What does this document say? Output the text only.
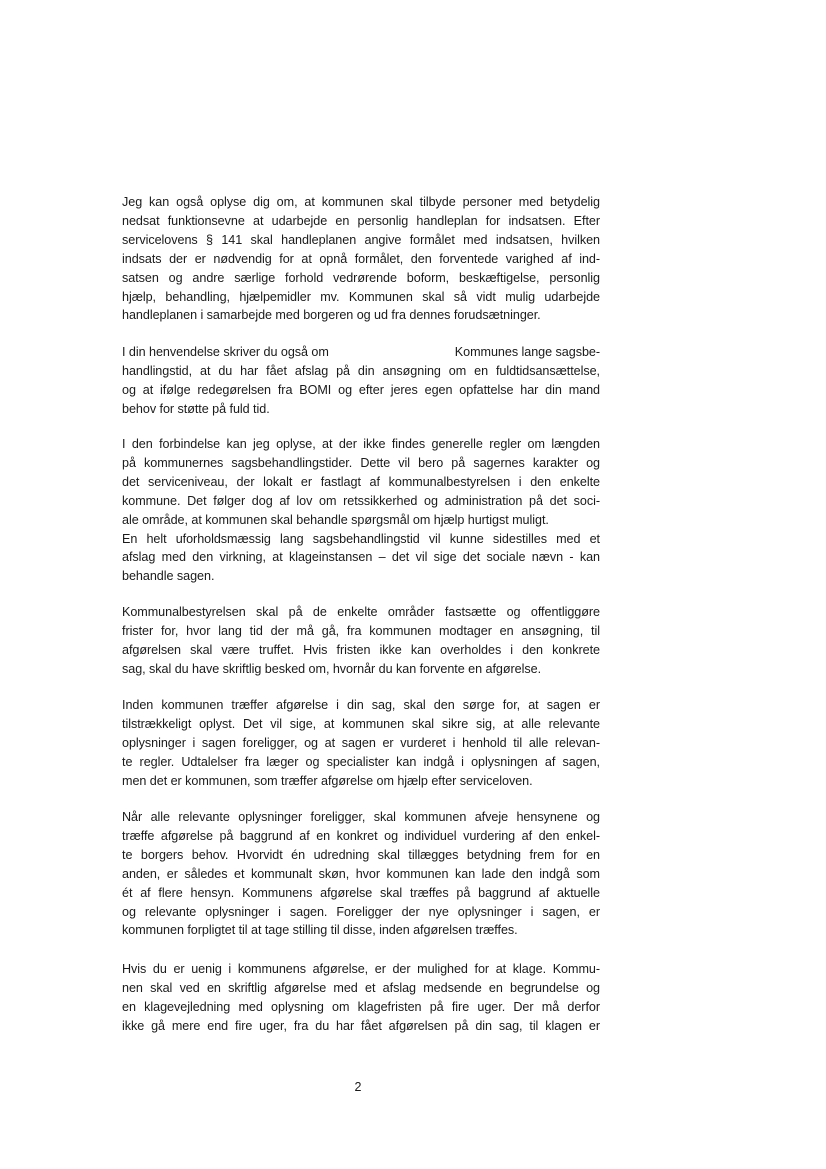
Jeg kan også oplyse dig om, at kommunen skal tilbyde personer med betydelig
nedsat funktionsevne at udarbejde en personlig handleplan for indsatsen. Efter
servicelovens § 141 skal handleplanen angive formålet med indsatsen, hvilken
indsats der er nødvendig for at opnå formålet, den forventede varighed af ind-
satsen og andre særlige forhold vedrørende boform, beskæftigelse, personlig
hjælp, behandling, hjælpemidler mv. Kommunen skal så vidt mulig udarbejde
handleplanen i samarbejde med borgeren og ud fra dennes forudsætninger.

I din henvendelse skriver du også om	Kommunes lange sagsbe-
handlingstid, at du har fået afslag på din ansøgning om en fuldtidsansættelse,
og at ifølge redegørelsen fra BOMI og efter jeres egen opfattelse har din mand
behov for støtte på fuld tid.

I den forbindelse kan jeg oplyse, at der ikke findes generelle regler om længden
på kommunernes sagsbehandlingstider. Dette vil bero på sagernes karakter og
det serviceniveau, der lokalt er fastlagt af kommunalbestyrelsen i den enkelte
kommune. Det følger dog af lov om retssikkerhed og administration på det soci-
ale område, at kommunen skal behandle spørgsmål om hjælp hurtigst muligt.
En helt uforholdsmæssig lang sagsbehandlingstid vil kunne sidestilles med et
afslag med den virkning, at klageinstansen – det vil sige det sociale nævn - kan
behandle sagen.

Kommunalbestyrelsen skal på de enkelte områder fastsætte og offentliggøre
frister for, hvor lang tid der må gå, fra kommunen modtager en ansøgning, til
afgørelsen skal være truffet. Hvis fristen ikke kan overholdes i den konkrete
sag, skal du have skriftlig besked om, hvornår du kan forvente en afgørelse.

Inden kommunen træffer afgørelse i din sag, skal den sørge for, at sagen er
tilstrækkeligt oplyst. Det vil sige, at kommunen skal sikre sig, at alle relevante
oplysninger i sagen foreligger, og at sagen er vurderet i henhold til alle relevan-
te regler. Udtalelser fra læger og specialister kan indgå i oplysningen af sagen,
men det er kommunen, som træffer afgørelse om hjælp efter serviceloven.

Når alle relevante oplysninger foreligger, skal kommunen afveje hensynene og
træffe afgørelse på baggrund af en konkret og individuel vurdering af den enkel-
te borgers behov. Hvorvidt én udredning skal tillægges betydning frem for en
anden, er således et kommunalt skøn, hvor kommunen kan lade den indgå som
ét af flere hensyn. Kommunens afgørelse skal træffes på baggrund af aktuelle
og relevante oplysninger i sagen. Foreligger der nye oplysninger i sagen, er
kommunen forpligtet til at tage stilling til disse, inden afgørelsen træffes.

Hvis du er uenig i kommunens afgørelse, er der mulighed for at klage. Kommu-
nen skal ved en skriftlig afgørelse med et afslag medsende en begrundelse og
en klagevejledning med oplysning om klagefristen på fire uger. Der må derfor
ikke gå mere end fire uger, fra du har fået afgørelsen på din sag, til klagen er

2
